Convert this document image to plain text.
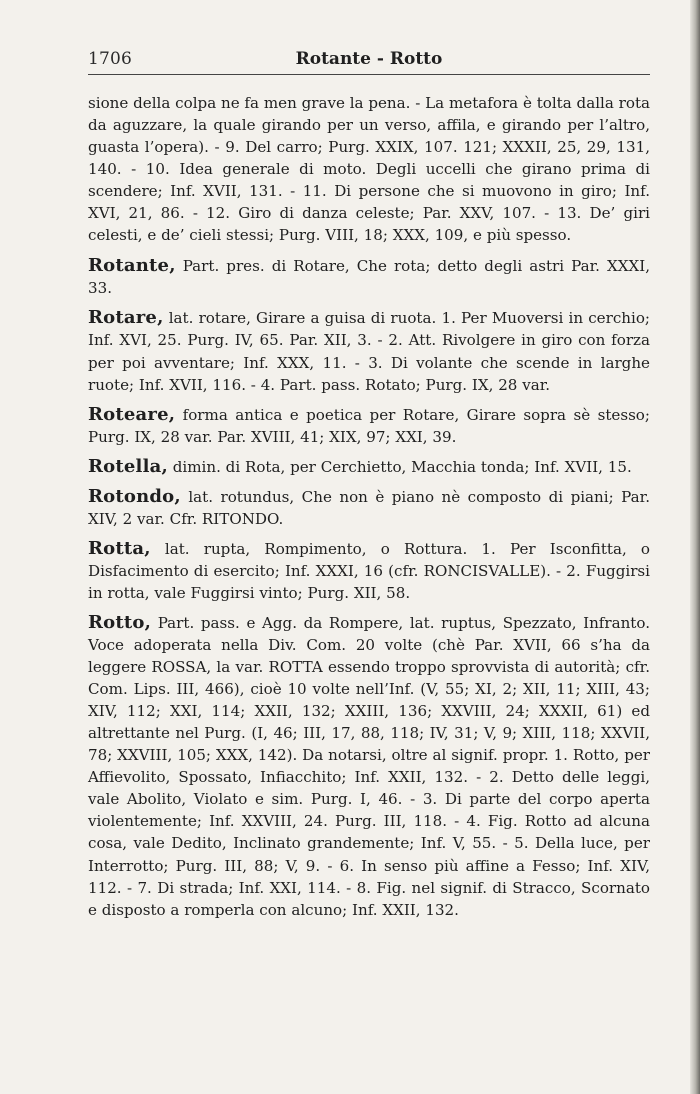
1706	Rotante - Rotto

sione della colpa ne fa men grave la pena. - La metafora è tolta dalla rota da aguzzare, la quale girando per un verso, affila, e girando per l’altro, guasta l’opera). - 9. Del carro; Purg. XXIX, 107. 121; XXXII, 25, 29, 131, 140. - 10. Idea generale di moto. Degli uccelli che girano prima di scendere; Inf. XVII, 131. - 11. Di persone che si muovono in giro; Inf. XVI, 21, 86. - 12. Giro di danza celeste; Par. XXV, 107. - 13. De’ giri celesti, e de’ cieli stessi; Purg. VIII, 18; XXX, 109, e più spesso.

Rotante, Part. pres. di Rotare, Che rota; detto degli astri Par. XXXI, 33.

Rotare, lat. rotare, Girare a guisa di ruota. 1. Per Muoversi in cerchio; Inf. XVI, 25. Purg. IV, 65. Par. XII, 3. - 2. Att. Rivolgere in giro con forza per poi avventare; Inf. XXX, 11. - 3. Di volante che scende in larghe ruote; Inf. XVII, 116. - 4. Part. pass. Rotato; Purg. IX, 28 var.

Roteare, forma antica e poetica per Rotare, Girare sopra sè stesso; Purg. IX, 28 var. Par. XVIII, 41; XIX, 97; XXI, 39.

Rotella, dimin. di Rota, per Cerchietto, Macchia tonda; Inf. XVII, 15.

Rotondo, lat. rotundus, Che non è piano nè composto di piani; Par. XIV, 2 var. Cfr. RITONDO.

Rotta, lat. rupta, Rompimento, o Rottura. 1. Per Isconfitta, o Disfacimento di esercito; Inf. XXXI, 16 (cfr. RONCISVALLE). - 2. Fuggirsi in rotta, vale Fuggirsi vinto; Purg. XII, 58.

Rotto, Part. pass. e Agg. da Rompere, lat. ruptus, Spezzato, Infranto. Voce adoperata nella Div. Com. 20 volte (chè Par. XVII, 66 s’ha da leggere ROSSA, la var. ROTTA essendo troppo sprovvista di autorità; cfr. Com. Lips. III, 466), cioè 10 volte nell’Inf. (V, 55; XI, 2; XII, 11; XIII, 43; XIV, 112; XXI, 114; XXII, 132; XXIII, 136; XXVIII, 24; XXXII, 61) ed altrettante nel Purg. (I, 46; III, 17, 88, 118; IV, 31; V, 9; XIII, 118; XXVII, 78; XXVIII, 105; XXX, 142). Da notarsi, oltre al signif. propr. 1. Rotto, per Affievolito, Spossato, Infiacchito; Inf. XXII, 132. - 2. Detto delle leggi, vale Abolito, Violato e sim. Purg. I, 46. - 3. Di parte del corpo aperta violentemente; Inf. XXVIII, 24. Purg. III, 118. - 4. Fig. Rotto ad alcuna cosa, vale Dedito, Inclinato grandemente; Inf. V, 55. - 5. Della luce, per Interrotto; Purg. III, 88; V, 9. - 6. In senso più affine a Fesso; Inf. XIV, 112. - 7. Di strada; Inf. XXI, 114. - 8. Fig. nel signif. di Stracco, Scornato e disposto a romperla con alcuno; Inf. XXII, 132.
